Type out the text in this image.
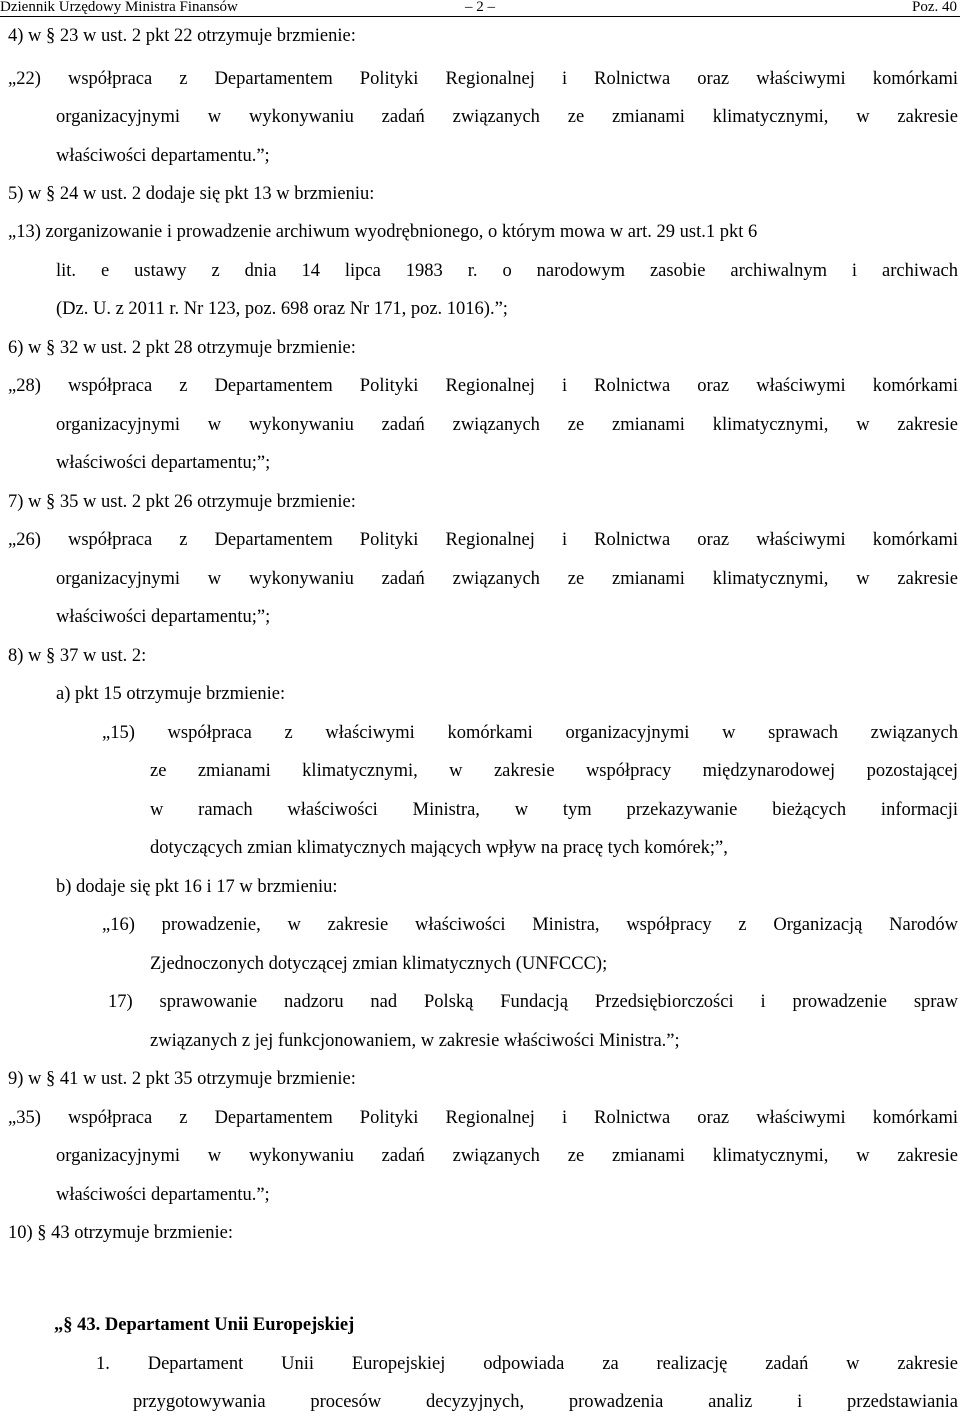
Dziennik Urzędowy Ministra Finansów	– 2 –	Poz. 40
4) w § 23 w ust. 2 pkt 22 otrzymuje brzmienie:
„22) współpraca z Departamentem Polityki Regionalnej i Rolnictwa oraz właściwymi komórkami
organizacyjnymi w wykonywaniu zadań związanych ze zmianami klimatycznymi, w zakresie
właściwości departamentu.”;
5) w § 24 w ust. 2 dodaje się pkt 13 w brzmieniu:
„13) zorganizowanie i prowadzenie archiwum wyodrębnionego, o którym mowa w art. 29 ust.1 pkt 6
lit. e ustawy z dnia 14 lipca 1983 r. o narodowym zasobie archiwalnym i archiwach
(Dz. U. z 2011 r. Nr 123, poz. 698 oraz Nr 171, poz. 1016).”;
6) w § 32 w ust. 2 pkt 28 otrzymuje brzmienie:
„28) współpraca z Departamentem Polityki Regionalnej i Rolnictwa oraz właściwymi komórkami
organizacyjnymi w wykonywaniu zadań związanych ze zmianami klimatycznymi, w zakresie
właściwości departamentu;”;
7) w § 35 w ust. 2 pkt 26 otrzymuje brzmienie:
„26) współpraca z Departamentem Polityki Regionalnej i Rolnictwa oraz właściwymi komórkami
organizacyjnymi w wykonywaniu zadań związanych ze zmianami klimatycznymi, w zakresie
właściwości departamentu;”;
8) w § 37 w ust. 2:
a) pkt 15 otrzymuje brzmienie:
„15) współpraca z właściwymi komórkami organizacyjnymi w sprawach związanych
ze zmianami klimatycznymi, w zakresie współpracy międzynarodowej pozostającej
w ramach właściwości Ministra, w tym przekazywanie bieżących informacji
dotyczących zmian klimatycznych mających wpływ na pracę tych komórek;”,
b) dodaje się pkt 16 i 17 w brzmieniu:
„16) prowadzenie, w zakresie właściwości Ministra, współpracy z Organizacją Narodów
Zjednoczonych dotyczącej zmian klimatycznych (UNFCCC);
17) sprawowanie nadzoru nad Polską Fundacją Przedsiębiorczości i prowadzenie spraw
związanych z jej funkcjonowaniem, w zakresie właściwości Ministra.”;
9) w § 41 w ust. 2 pkt 35 otrzymuje brzmienie:
„35) współpraca z Departamentem Polityki Regionalnej i Rolnictwa oraz właściwymi komórkami
organizacyjnymi w wykonywaniu zadań związanych ze zmianami klimatycznymi, w zakresie
właściwości departamentu.”;
10) § 43 otrzymuje brzmienie:
„§ 43. Departament Unii Europejskiej
1. Departament Unii Europejskiej odpowiada za realizację zadań w zakresie
przygotowywania procesów decyzyjnych, prowadzenia analiz i przedstawiania
